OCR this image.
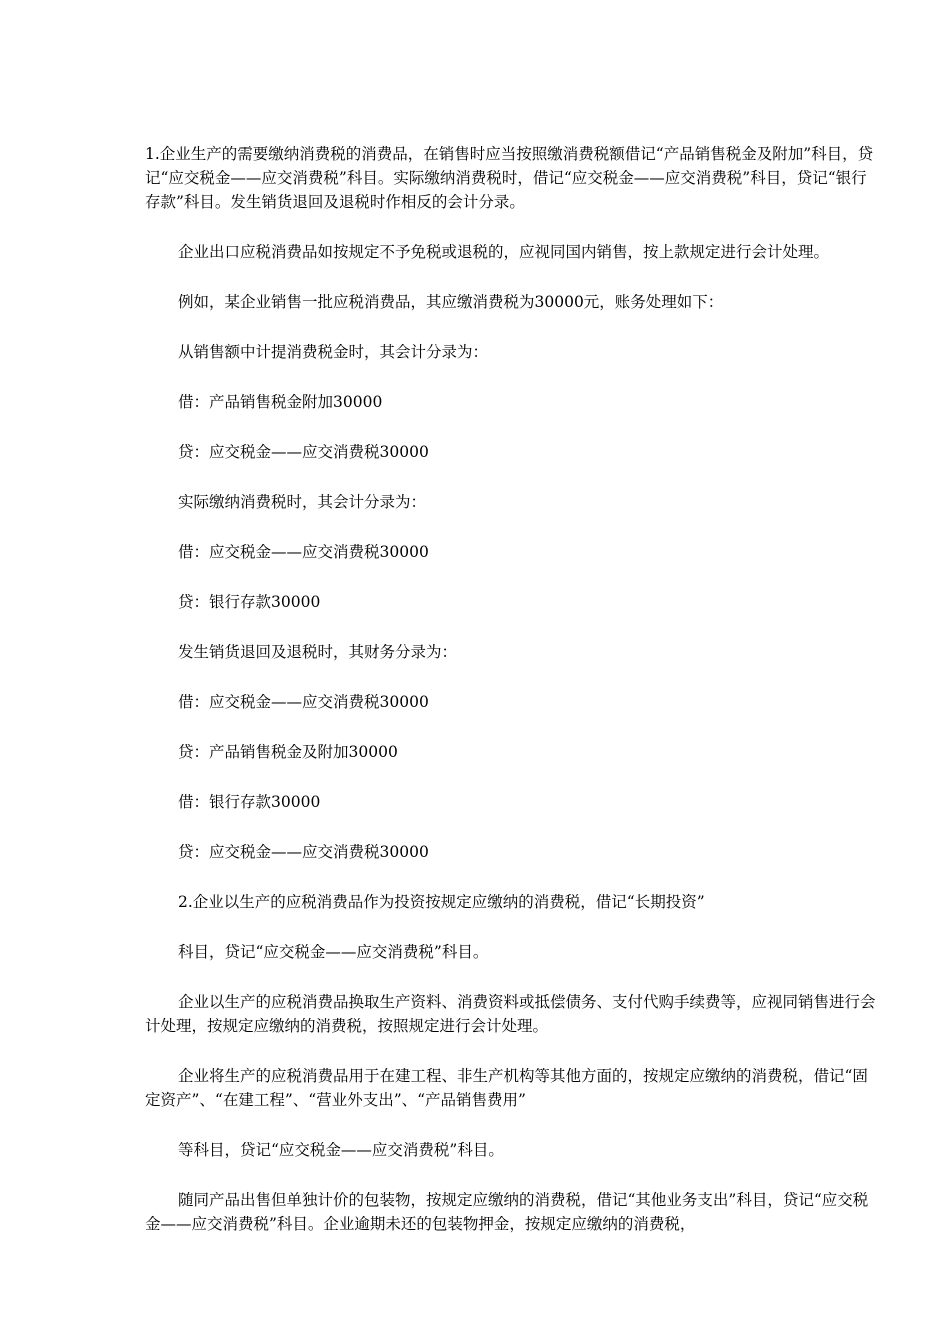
1.企业生产的需要缴纳消费税的消费品，在销售时应当按照缴消费税额借记“产品销售税金及附加”科目，贷记“应交税金——应交消费税”科目。实际缴纳消费税时，借记“应交税金——应交消费税”科目，贷记“银行存款”科目。发生销货退回及退税时作相反的会计分录。

企业出口应税消费品如按规定不予免税或退税的，应视同国内销售，按上款规定进行会计处理。

例如，某企业销售一批应税消费品，其应缴消费税为30000元，账务处理如下：

从销售额中计提消费税金时，其会计分录为：

借：产品销售税金附加30000

贷：应交税金——应交消费税30000

实际缴纳消费税时，其会计分录为：

借：应交税金——应交消费税30000

贷：银行存款30000

发生销货退回及退税时，其财务分录为：

借：应交税金——应交消费税30000

贷：产品销售税金及附加30000

借：银行存款30000

贷：应交税金——应交消费税30000

2.企业以生产的应税消费品作为投资按规定应缴纳的消费税，借记“长期投资”

科目，贷记“应交税金——应交消费税”科目。

企业以生产的应税消费品换取生产资料、消费资料或抵偿债务、支付代购手续费等，应视同销售进行会计处理，按规定应缴纳的消费税，按照规定进行会计处理。

企业将生产的应税消费品用于在建工程、非生产机构等其他方面的，按规定应缴纳的消费税，借记“固定资产”、“在建工程”、“营业外支出”、“产品销售费用”

等科目，贷记“应交税金——应交消费税”科目。

随同产品出售但单独计价的包装物，按规定应缴纳的消费税，借记“其他业务支出”科目，贷记“应交税金——应交消费税”科目。企业逾期未还的包装物押金，按规定应缴纳的消费税，
